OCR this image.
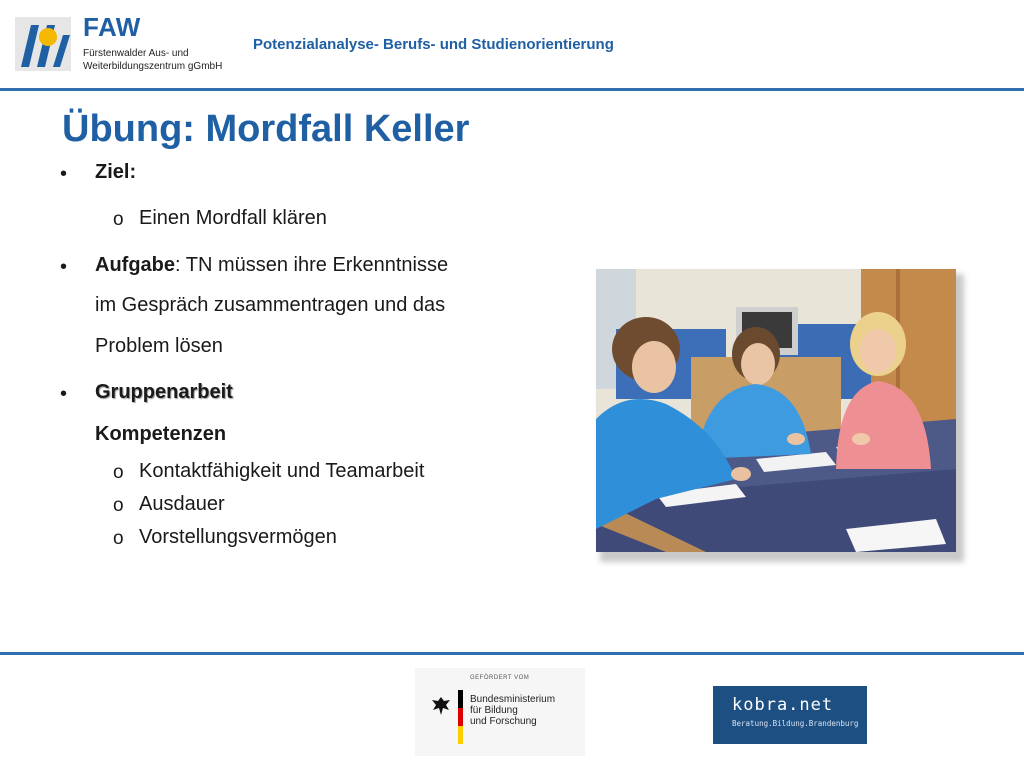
FAW
Fürstenwalder Aus- und
Weiterbildungszentrum gGmbH
Potenzialanalyse- Berufs- und Studienorientierung
Übung: Mordfall Keller
• Ziel:
o Einen Mordfall klären
• Aufgabe: TN müssen ihre Erkenntnisse
im Gespräch zusammentragen und das
Problem lösen
• Gruppenarbeit
Kompetenzen
o Kontaktfähigkeit und Teamarbeit
o Ausdauer
o Vorstellungsvermögen
GEFÖRDERT VOM
Bundesministerium
für Bildung
und Forschung
kobra.net
Beratung.Bildung.Brandenburg
